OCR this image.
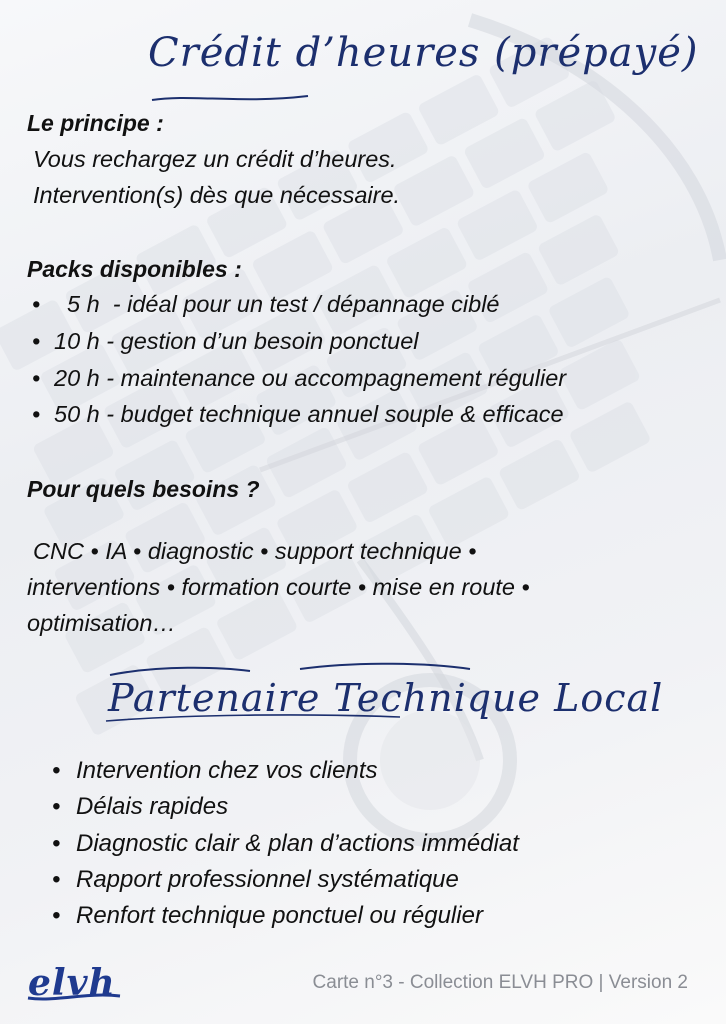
Crédit d’heures (prépayé)
Le principe :
Vous rechargez un crédit d’heures.
Intervention(s) dès que nécessaire.
Packs disponibles :
•  5 h  - idéal pour un test / dépannage ciblé
• 10 h - gestion d’un besoin ponctuel
• 20 h - maintenance ou accompagnement régulier
• 50 h - budget technique annuel souple & efficace
Pour quels besoins ?
CNC • IA • diagnostic • support technique •
interventions • formation courte • mise en route •
optimisation…
Partenaire Technique Local
• Intervention chez vos clients
• Délais rapides
• Diagnostic clair & plan d’actions immédiat
• Rapport professionnel systématique
• Renfort technique ponctuel ou régulier
elvh	Carte n°3 - Collection ELVH PRO | Version 2
